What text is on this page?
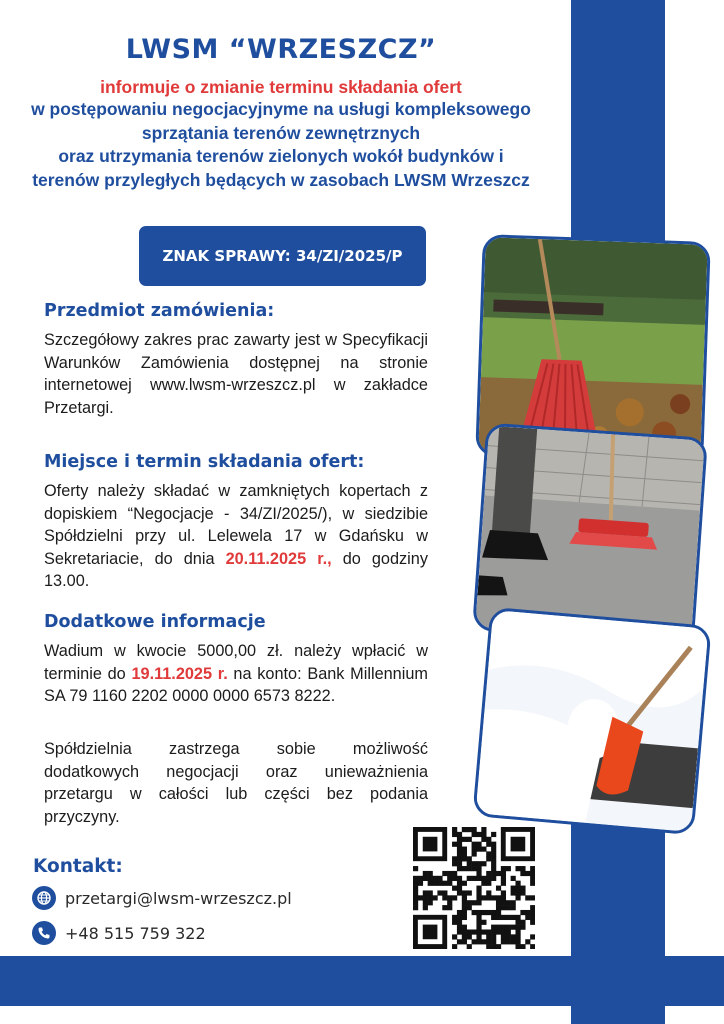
LWSM “WRZESZCZ”
informuje o zmianie terminu składania ofert
w postępowaniu negocjacyjnyme na usługi kompleksowego
sprzątania terenów zewnętrznych
oraz utrzymania terenów zielonych wokół budynków i
terenów przyległych będących w zasobach LWSM Wrzeszcz
ZNAK SPRAWY: 34/ZI/2025/P
Przedmiot zamówienia:
Szczegółowy zakres prac zawarty jest w Specyfikacji Warunków Zamówienia dostępnej na stronie internetowej www.lwsm-wrzeszcz.pl w zakładce Przetargi.
Miejsce i termin składania ofert:
Oferty należy składać w zamkniętych kopertach z dopiskiem “Negocjacje - 34/ZI/2025/), w siedzibie Spółdzielni przy ul. Lelewela 17 w Gdańsku w Sekretariacie, do dnia 20.11.2025 r., do godziny 13.00.
Dodatkowe informacje
Wadium w kwocie 5000,00 zł. należy wpłacić w terminie do 19.11.2025 r. na konto: Bank Millennium SA 79 1160 2202 0000 0000 6573 8222.
Spółdzielnia zastrzega sobie możliwość dodatkowych negocjacji oraz unieważnienia przetargu w całości lub części bez podania przyczyny.
Kontakt:
przetargi@lwsm-wrzeszcz.pl
+48 515 759 322
